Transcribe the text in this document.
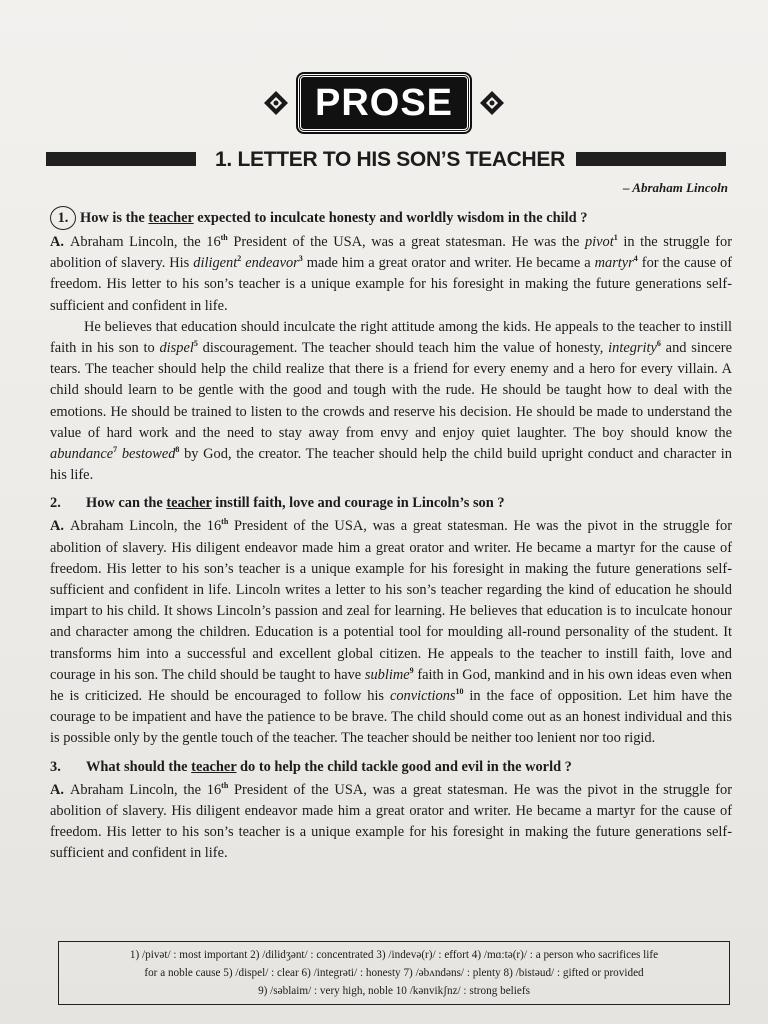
PROSE
1. LETTER TO HIS SON’S TEACHER
– Abraham Lincoln
1. How is the teacher expected to inculcate honesty and worldly wisdom in the child ?

A. Abraham Lincoln, the 16th President of the USA, was a great statesman. He was the pivot$^1$ in the struggle for abolition of slavery. His diligent$^2$ endeavor$^3$ made him a great orator and writer. He became a martyr$^4$ for the cause of freedom. His letter to his son’s teacher is a unique example for his foresight in making the future generations self-sufficient and confident in life.

He believes that education should inculcate the right attitude among the kids. He appeals to the teacher to instill faith in his son to dispel$^5$ discouragement. The teacher should teach him the value of honesty, integrity$^6$ and sincere tears. The teacher should help the child realize that there is a friend for every enemy and a hero for every villain. A child should learn to be gentle with the good and tough with the rude. He should be taught how to deal with the emotions. He should be trained to listen to the crowds and reserve his decision. He should be made to understand the value of hard work and the need to stay away from envy and enjoy quiet laughter. The boy should know the abundance$^7$ bestowed$^8$ by God, the creator. The teacher should help the child build upright conduct and character in his life.

2. How can the teacher instill faith, love and courage in Lincoln’s son ?

A. Abraham Lincoln, the 16th President of the USA, was a great statesman. He was the pivot in the struggle for abolition of slavery. His diligent endeavor made him a great orator and writer. He became a martyr for the cause of freedom. His letter to his son’s teacher is a unique example for his foresight in making the future generations self-sufficient and confident in life. Lincoln writes a letter to his son’s teacher regarding the kind of education he should impart to his child. It shows Lincoln’s passion and zeal for learning. He believes that education is to inculcate honour and character among the children. Education is a potential tool for moulding all-round personality of the student. It transforms him into a successful and excellent global citizen. He appeals to the teacher to instill faith, love and courage in his son. The child should be taught to have sublime$^9$ faith in God, mankind and in his own ideas even when he is criticized. He should be encouraged to follow his convictions$^{10}$ in the face of opposition. Let him have the courage to be impatient and have the patience to be brave. The child should come out as an honest individual and this is possible only by the gentle touch of the teacher. The teacher should be neither too lenient nor too rigid.

3. What should the teacher do to help the child tackle good and evil in the world ?

A. Abraham Lincoln, the 16th President of the USA, was a great statesman. He was the pivot in the struggle for abolition of slavery. His diligent endeavor made him a great orator and writer. He became a martyr for the cause of freedom. His letter to his son’s teacher is a unique example for his foresight in making the future generations self-sufficient and confident in life.

1) /pivət/ : most important 2) /dilidʒənt/ : concentrated 3) /indevə(r)/ : effort 4) /mɑ:tə(r)/ : a person who sacrifices life
for a noble cause 5) /dispel/ : clear 6) /integrəti/ : honesty 7) /əbʌndəns/ : plenty 8) /bistəud/ : gifted or provided
9) /səblaim/ : very high, noble 10 /kənvikʃnz/ : strong beliefs
